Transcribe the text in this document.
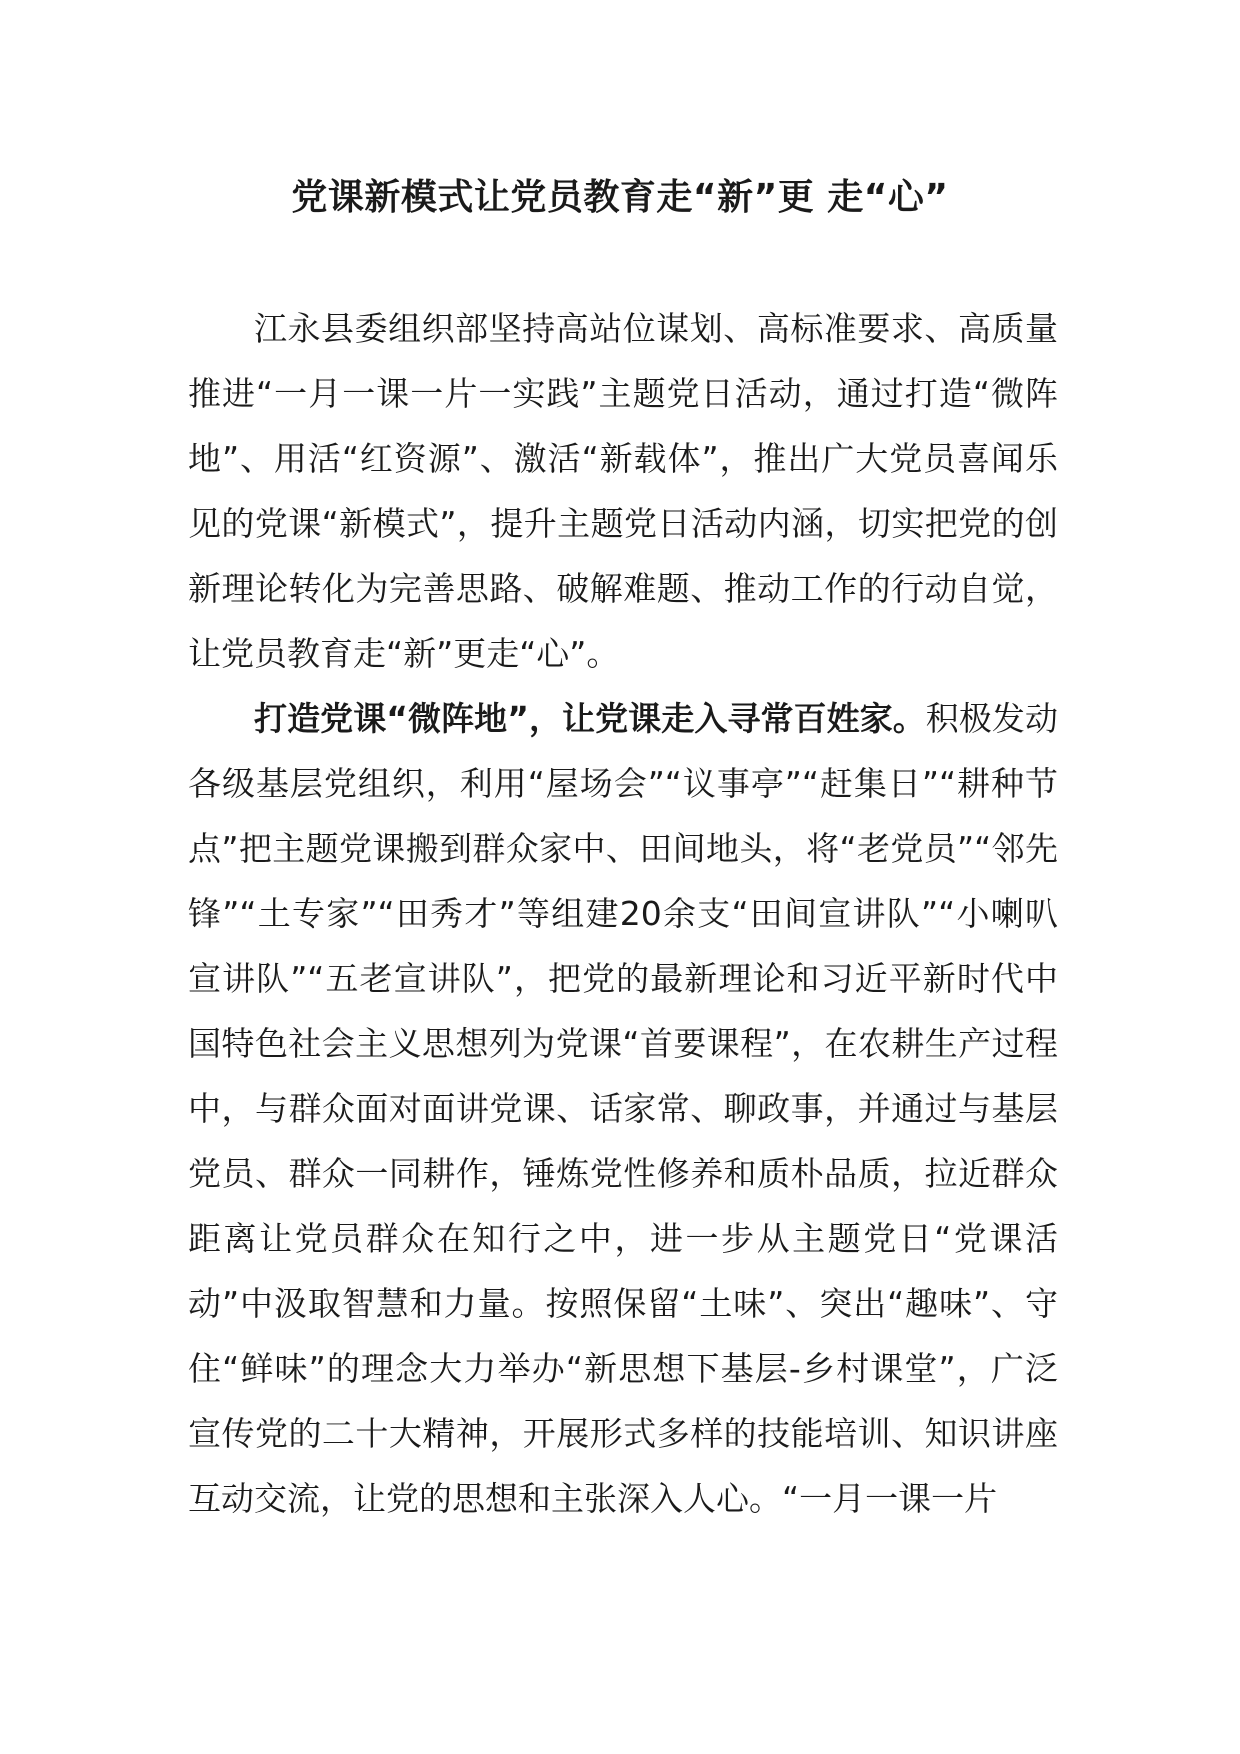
党课新模式让党员教育走“新”更 走“心”

江永县委组织部坚持高站位谋划、高标准要求、高质量推进“一月一课一片一实践”主题党日活动，通过打造“微阵地”、用活“红资源”、激活“新载体”，推出广大党员喜闻乐见的党课“新模式”，提升主题党日活动内涵，切实把党的创新理论转化为完善思路、破解难题、推动工作的行动自觉，让党员教育走“新”更走“心”。

打造党课“微阵地”，让党课走入寻常百姓家。积极发动各级基层党组织，利用“屋场会”“议事亭”“赶集日”“耕种节点”把主题党课搬到群众家中、田间地头，将“老党员”“邻先锋”“土专家”“田秀才”等组建20余支“田间宣讲队”“小喇叭宣讲队”“五老宣讲队”，把党的最新理论和习近平新时代中国特色社会主义思想列为党课“首要课程”，在农耕生产过程中，与群众面对面讲党课、话家常、聊政事，并通过与基层党员、群众一同耕作，锤炼党性修养和质朴品质，拉近群众距离让党员群众在知行之中，进一步从主题党日“党课活动”中汲取智慧和力量。按照保留“土味”、突出“趣味”、守住“鲜味”的理念大力举办“新思想下基层-乡村课堂”，广泛宣传党的二十大精神，开展形式多样的技能培训、知识讲座互动交流，让党的思想和主张深入人心。“一月一课一片
